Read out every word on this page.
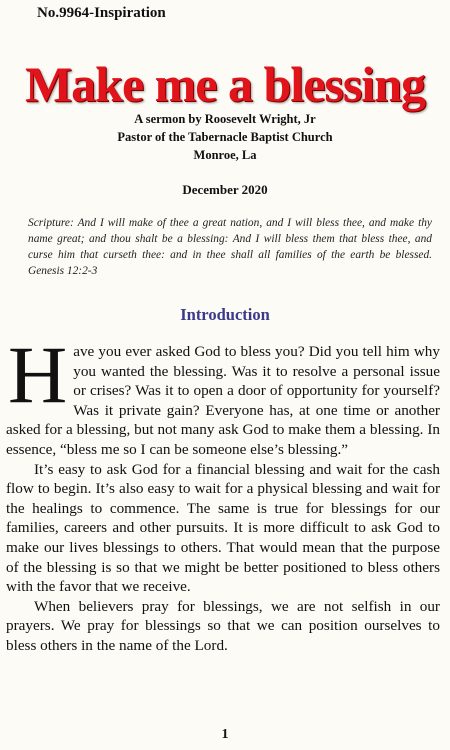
No.9964-Inspiration
Make me a blessing
A sermon by Roosevelt Wright, Jr
Pastor of the Tabernacle Baptist Church
Monroe, La
December 2020
Scripture: And I will make of thee a great nation, and I will bless thee, and make thy name great; and thou shalt be a blessing: And I will bless them that bless thee, and curse him that curseth thee: and in thee shall all families of the earth be blessed. Genesis 12:2-3
Introduction

H ave you ever asked God to bless you? Did you tell him why you wanted the blessing. Was it to resolve a personal issue or crises? Was it to open a door of opportunity for yourself? Was it private gain? Everyone has, at one time or another asked for a blessing, but not many ask God to make them a blessing. In essence, “bless me so I can be someone else’s blessing.”

It’s easy to ask God for a financial blessing and wait for the cash flow to begin. It’s also easy to wait for a physical blessing and wait for the healings to commence. The same is true for blessings for our families, careers and other pursuits. It is more difficult to ask God to make our lives blessings to others. That would mean that the purpose of the blessing is so that we might be better positioned to bless others with the favor that we receive.

When believers pray for blessings, we are not selfish in our prayers. We pray for blessings so that we can position ourselves to bless others in the name of the Lord.

1
